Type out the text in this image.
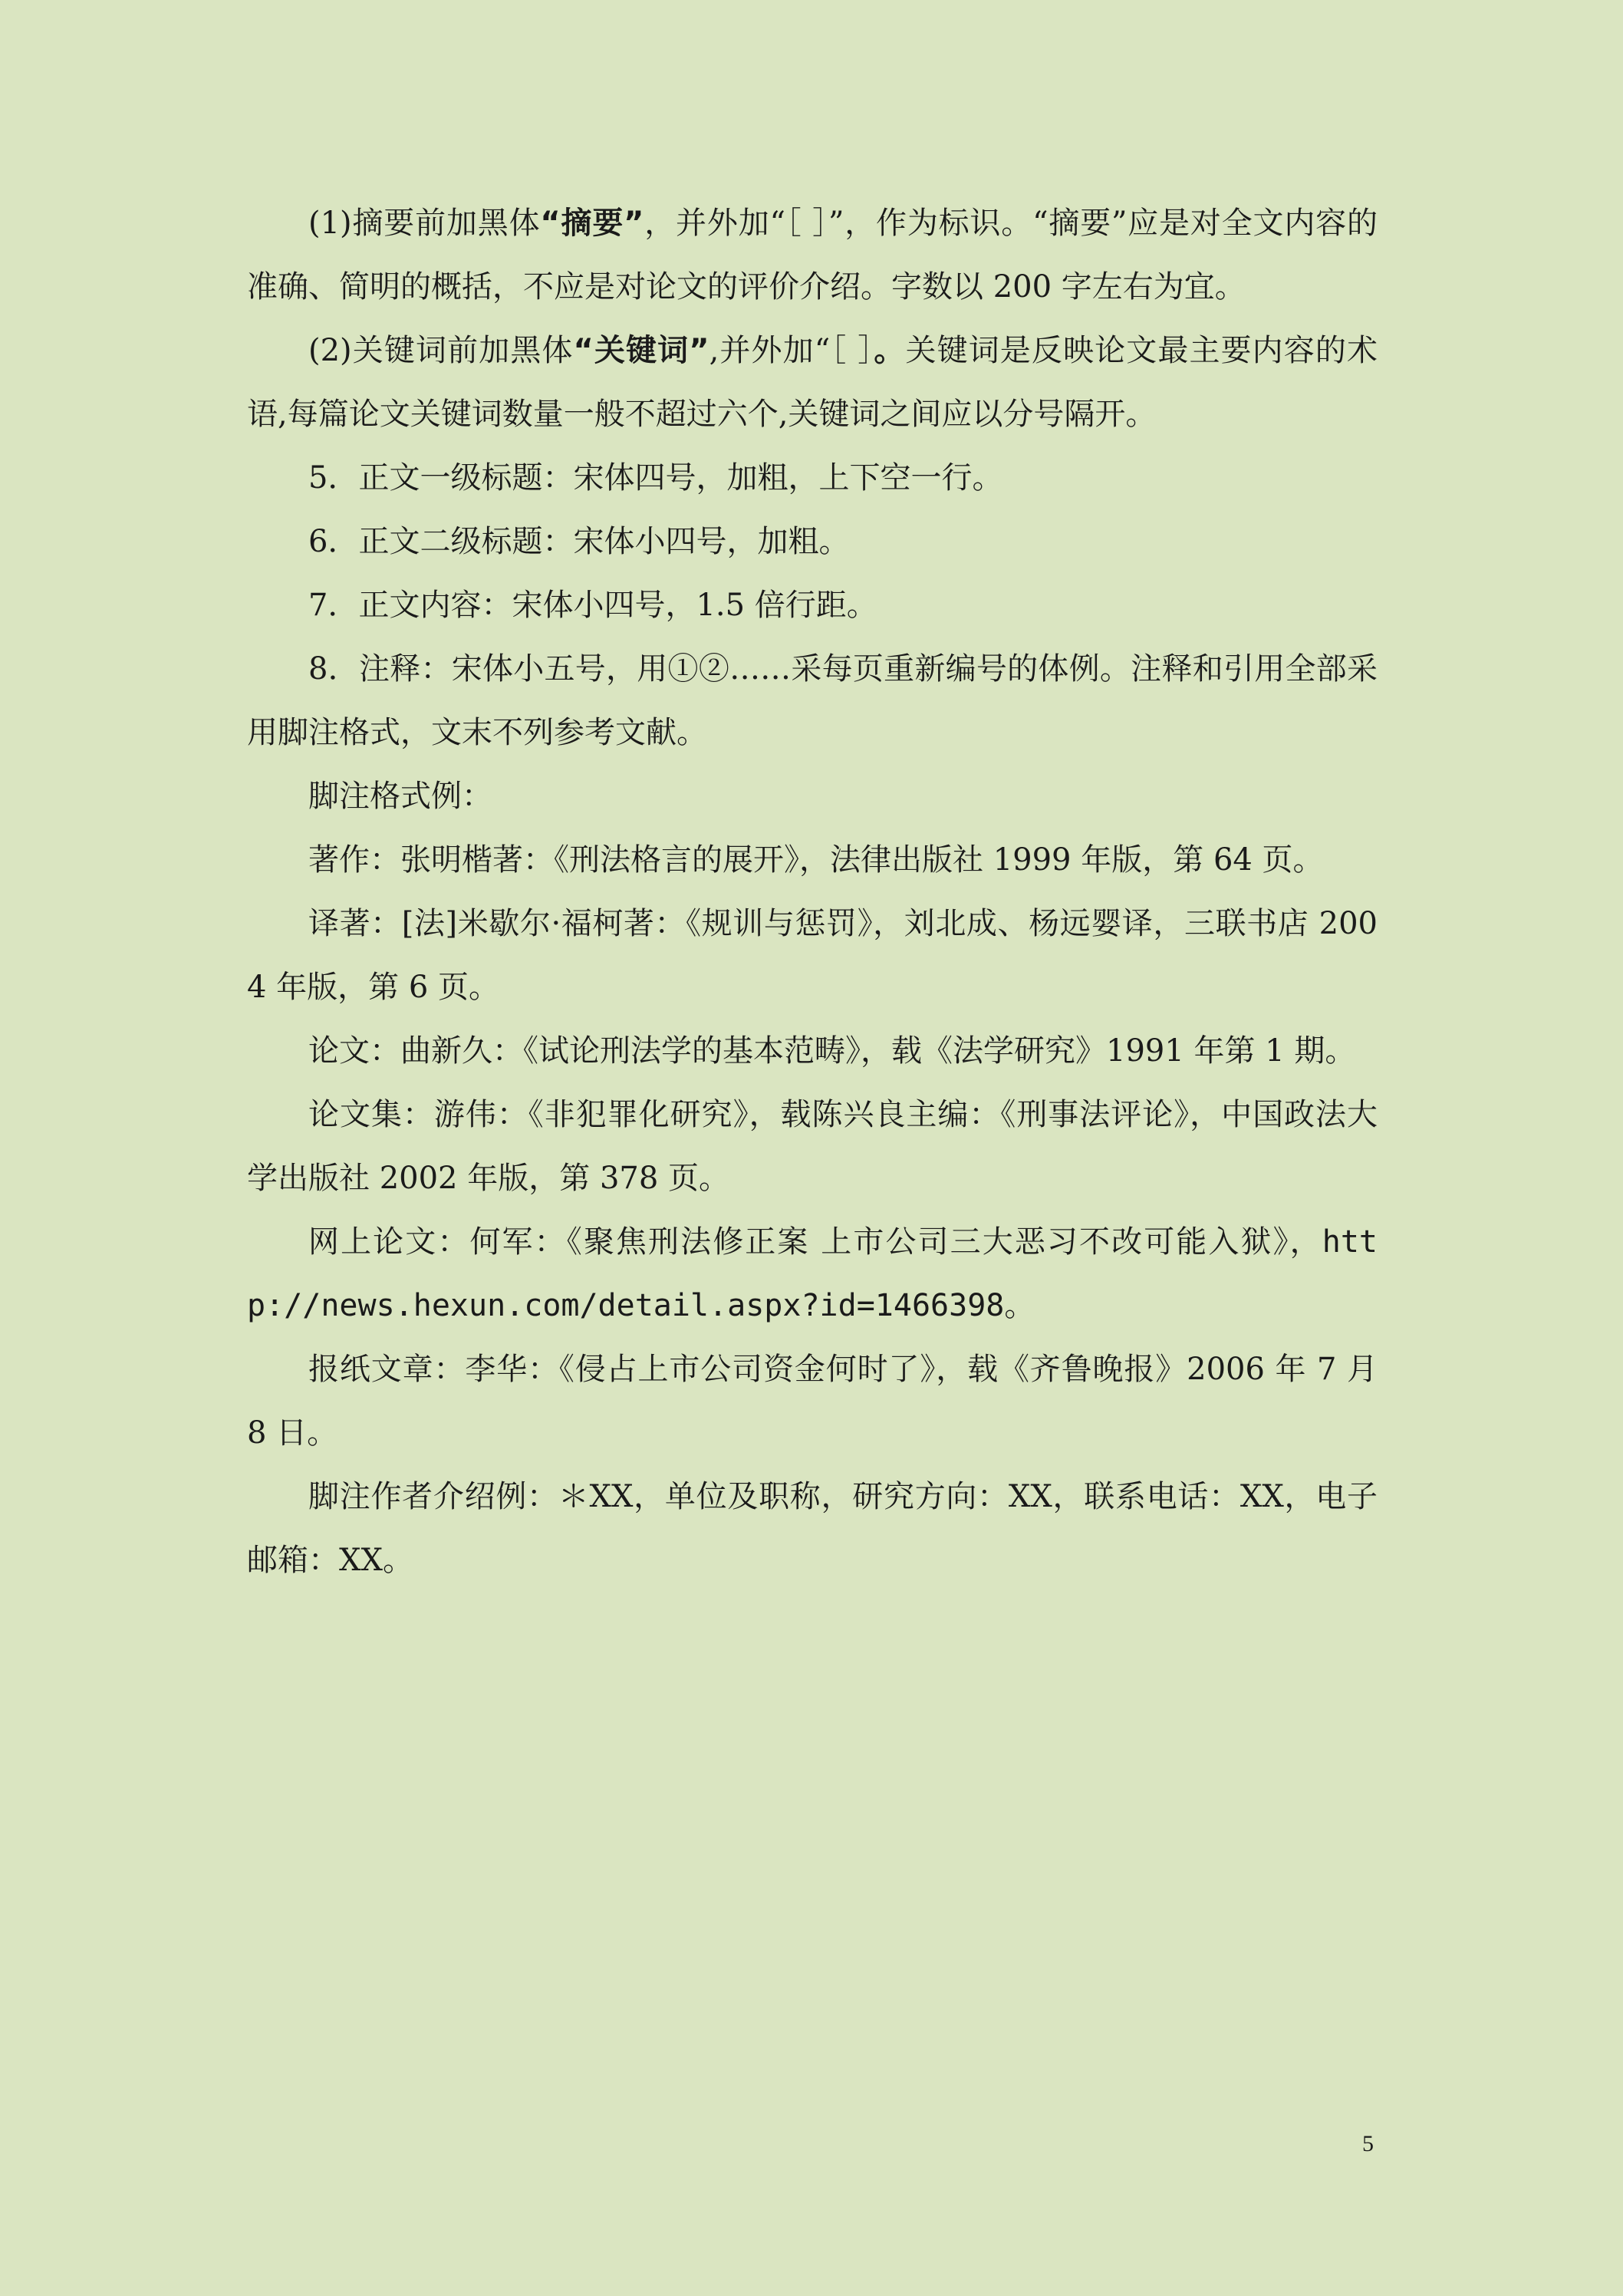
(1)摘要前加黑体“摘要”，并外加“［ ］”，作为标识。“摘要”应是对全文内容的准确、简明的概括，不应是对论文的评价介绍。字数以 200 字左右为宜。

(2)关键词前加黑体“关键词”,并外加“［ ］。关键词是反映论文最主要内容的术语,每篇论文关键词数量一般不超过六个,关键词之间应以分号隔开。

5．正文一级标题：宋体四号，加粗，上下空一行。

6．正文二级标题：宋体小四号，加粗。

7．正文内容：宋体小四号，1.5 倍行距。

8．注释：宋体小五号，用①②……采每页重新编号的体例。注释和引用全部采用脚注格式，文末不列参考文献。

脚注格式例：

著作：张明楷著：《刑法格言的展开》，法律出版社 1999 年版，第 64 页。

译著：[法]米歇尔·福柯著：《规训与惩罚》，刘北成、杨远婴译，三联书店 2004 年版，第 6 页。

论文：曲新久：《试论刑法学的基本范畴》，载《法学研究》1991 年第 1 期。

论文集：游伟：《非犯罪化研究》，载陈兴良主编：《刑事法评论》，中国政法大学出版社 2002 年版，第 378 页。

网上论文：何军：《聚焦刑法修正案 上市公司三大恶习不改可能入狱》，http://news.hexun.com/detail.aspx?id=1466398。

报纸文章：李华：《侵占上市公司资金何时了》，载《齐鲁晚报》2006 年 7 月 8 日。

脚注作者介绍例：＊XX，单位及职称，研究方向：XX，联系电话：XX，电子邮箱：XX。

5
